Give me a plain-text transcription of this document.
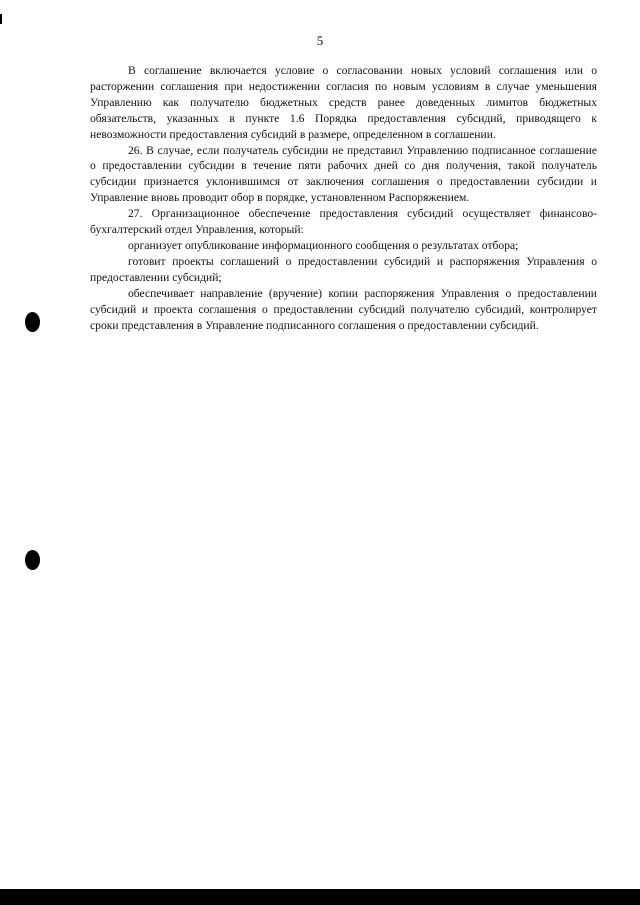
5

В соглашение включается условие о согласовании новых условий соглашения или о расторжении соглашения при недостижении согласия по новым условиям в случае уменьшения Управлению как получателю бюджетных средств ранее доведенных лимитов бюджетных обязательств, указанных в пункте 1.6 Порядка предоставления субсидий, приводящего к невозможности предоставления субсидий в размере, определенном в соглашении.

26. В случае, если получатель субсидии не представил Управлению подписанное соглашение о предоставлении субсидии в течение пяти рабочих дней со дня получения, такой получатель субсидии признается уклонившимся от заключения соглашения о предоставлении субсидии и Управление вновь проводит обор в порядке, установленном Распоряжением.

27. Организационное обеспечение предоставления субсидий осуществляет финансово-бухгалтерский отдел Управления, который:

организует опубликование информационного сообщения о результатах отбора;

готовит проекты соглашений о предоставлении субсидий и распоряжения Управления о предоставлении субсидий;

обеспечивает направление (вручение) копии распоряжения Управления о предоставлении субсидий и проекта соглашения о предоставлении субсидий получателю субсидий, контролирует сроки представления в Управление подписанного соглашения о предоставлении субсидий.
